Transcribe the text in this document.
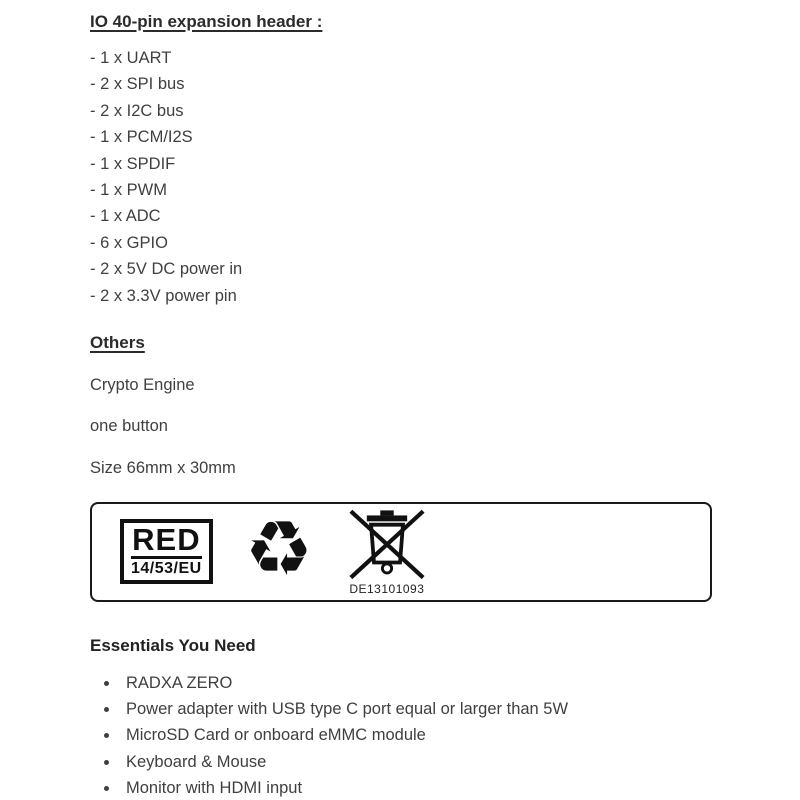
IO 40-pin expansion header :
- 1 x UART
- 2 x SPI bus
- 2 x I2C bus
- 1 x PCM/I2S
- 1 x SPDIF
- 1 x PWM
- 1 x ADC
- 6 x GPIO
- 2 x 5V DC power in
- 2 x 3.3V power pin
Others
Crypto Engine
one button
Size 66mm x 30mm
RED
14/53/EU ♻	DE13101093
Essentials You Need
• RADXA ZERO
• Power adapter with USB type C port equal or larger than 5W
• MicroSD Card or onboard eMMC module
• Keyboard & Mouse
• Monitor with HDMI input
